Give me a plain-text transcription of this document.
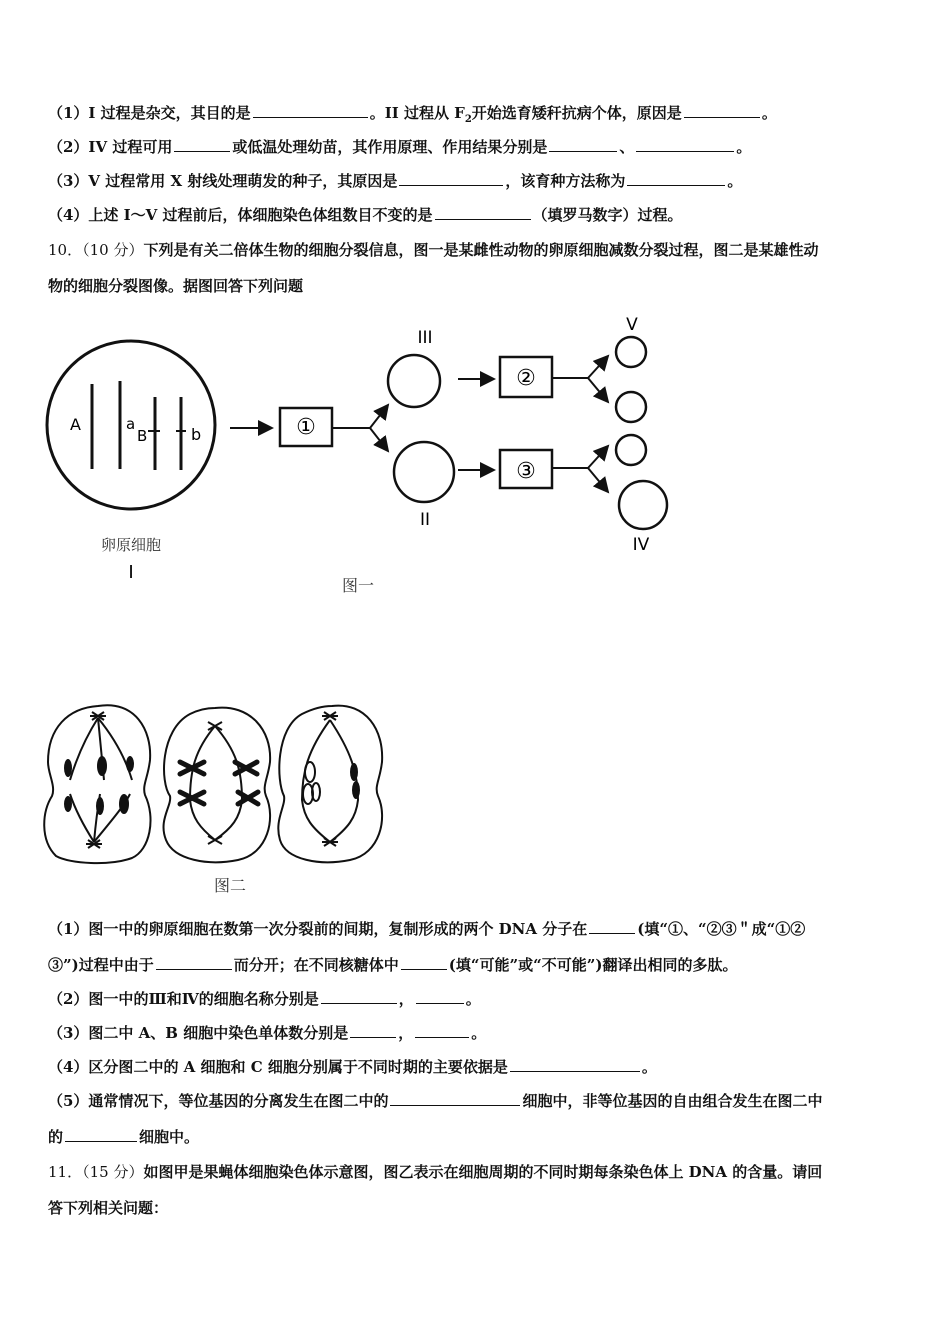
（1）I 过程是杂交，其目的是	。II 过程从 $F_2$开始选育矮秆抗病个体，原因是	。
（2）IV 过程可用	或低温处理幼苗，其作用原理、作用结果分别是	、	。
（3）V 过程常用 X 射线处理萌发的种子，其原因是	，该育种方法称为	。
（4）上述 I～V 过程前后，体细胞染色体组数目不变的是	（填罗马数字）过程。
10．（10 分）下列是有关二倍体生物的细胞分裂信息，图一是某雌性动物的卵原细胞减数分裂过程，图二是某雄性动
物的细胞分裂图像。据图回答下列问题
A	a
B	b	①
III
II
②
③
V
IV
卵原细胞
I
图一
图二
（1）图一中的卵原细胞在数第一次分裂前的间期，复制形成的两个 DNA 分子在	(填“①、“②③＂成“①②
③”)过程中由于	而分开；在不同核糖体中	(填“可能”或“不可能”)翻译出相同的多肽。
（2）图一中的Ⅲ和Ⅳ的细胞名称分别是	，	。
（3）图二中 A、B 细胞中染色单体数分别是	，	。
（4）区分图二中的 A 细胞和 C 细胞分别属于不同时期的主要依据是	。
（5）通常情况下，等位基因的分离发生在图二中的	细胞中，非等位基因的自由组合发生在图二中
的	细胞中。
11．（15 分）如图甲是果蝇体细胞染色体示意图，图乙表示在细胞周期的不同时期每条染色体上 DNA 的含量。请回
答下列相关问题：
